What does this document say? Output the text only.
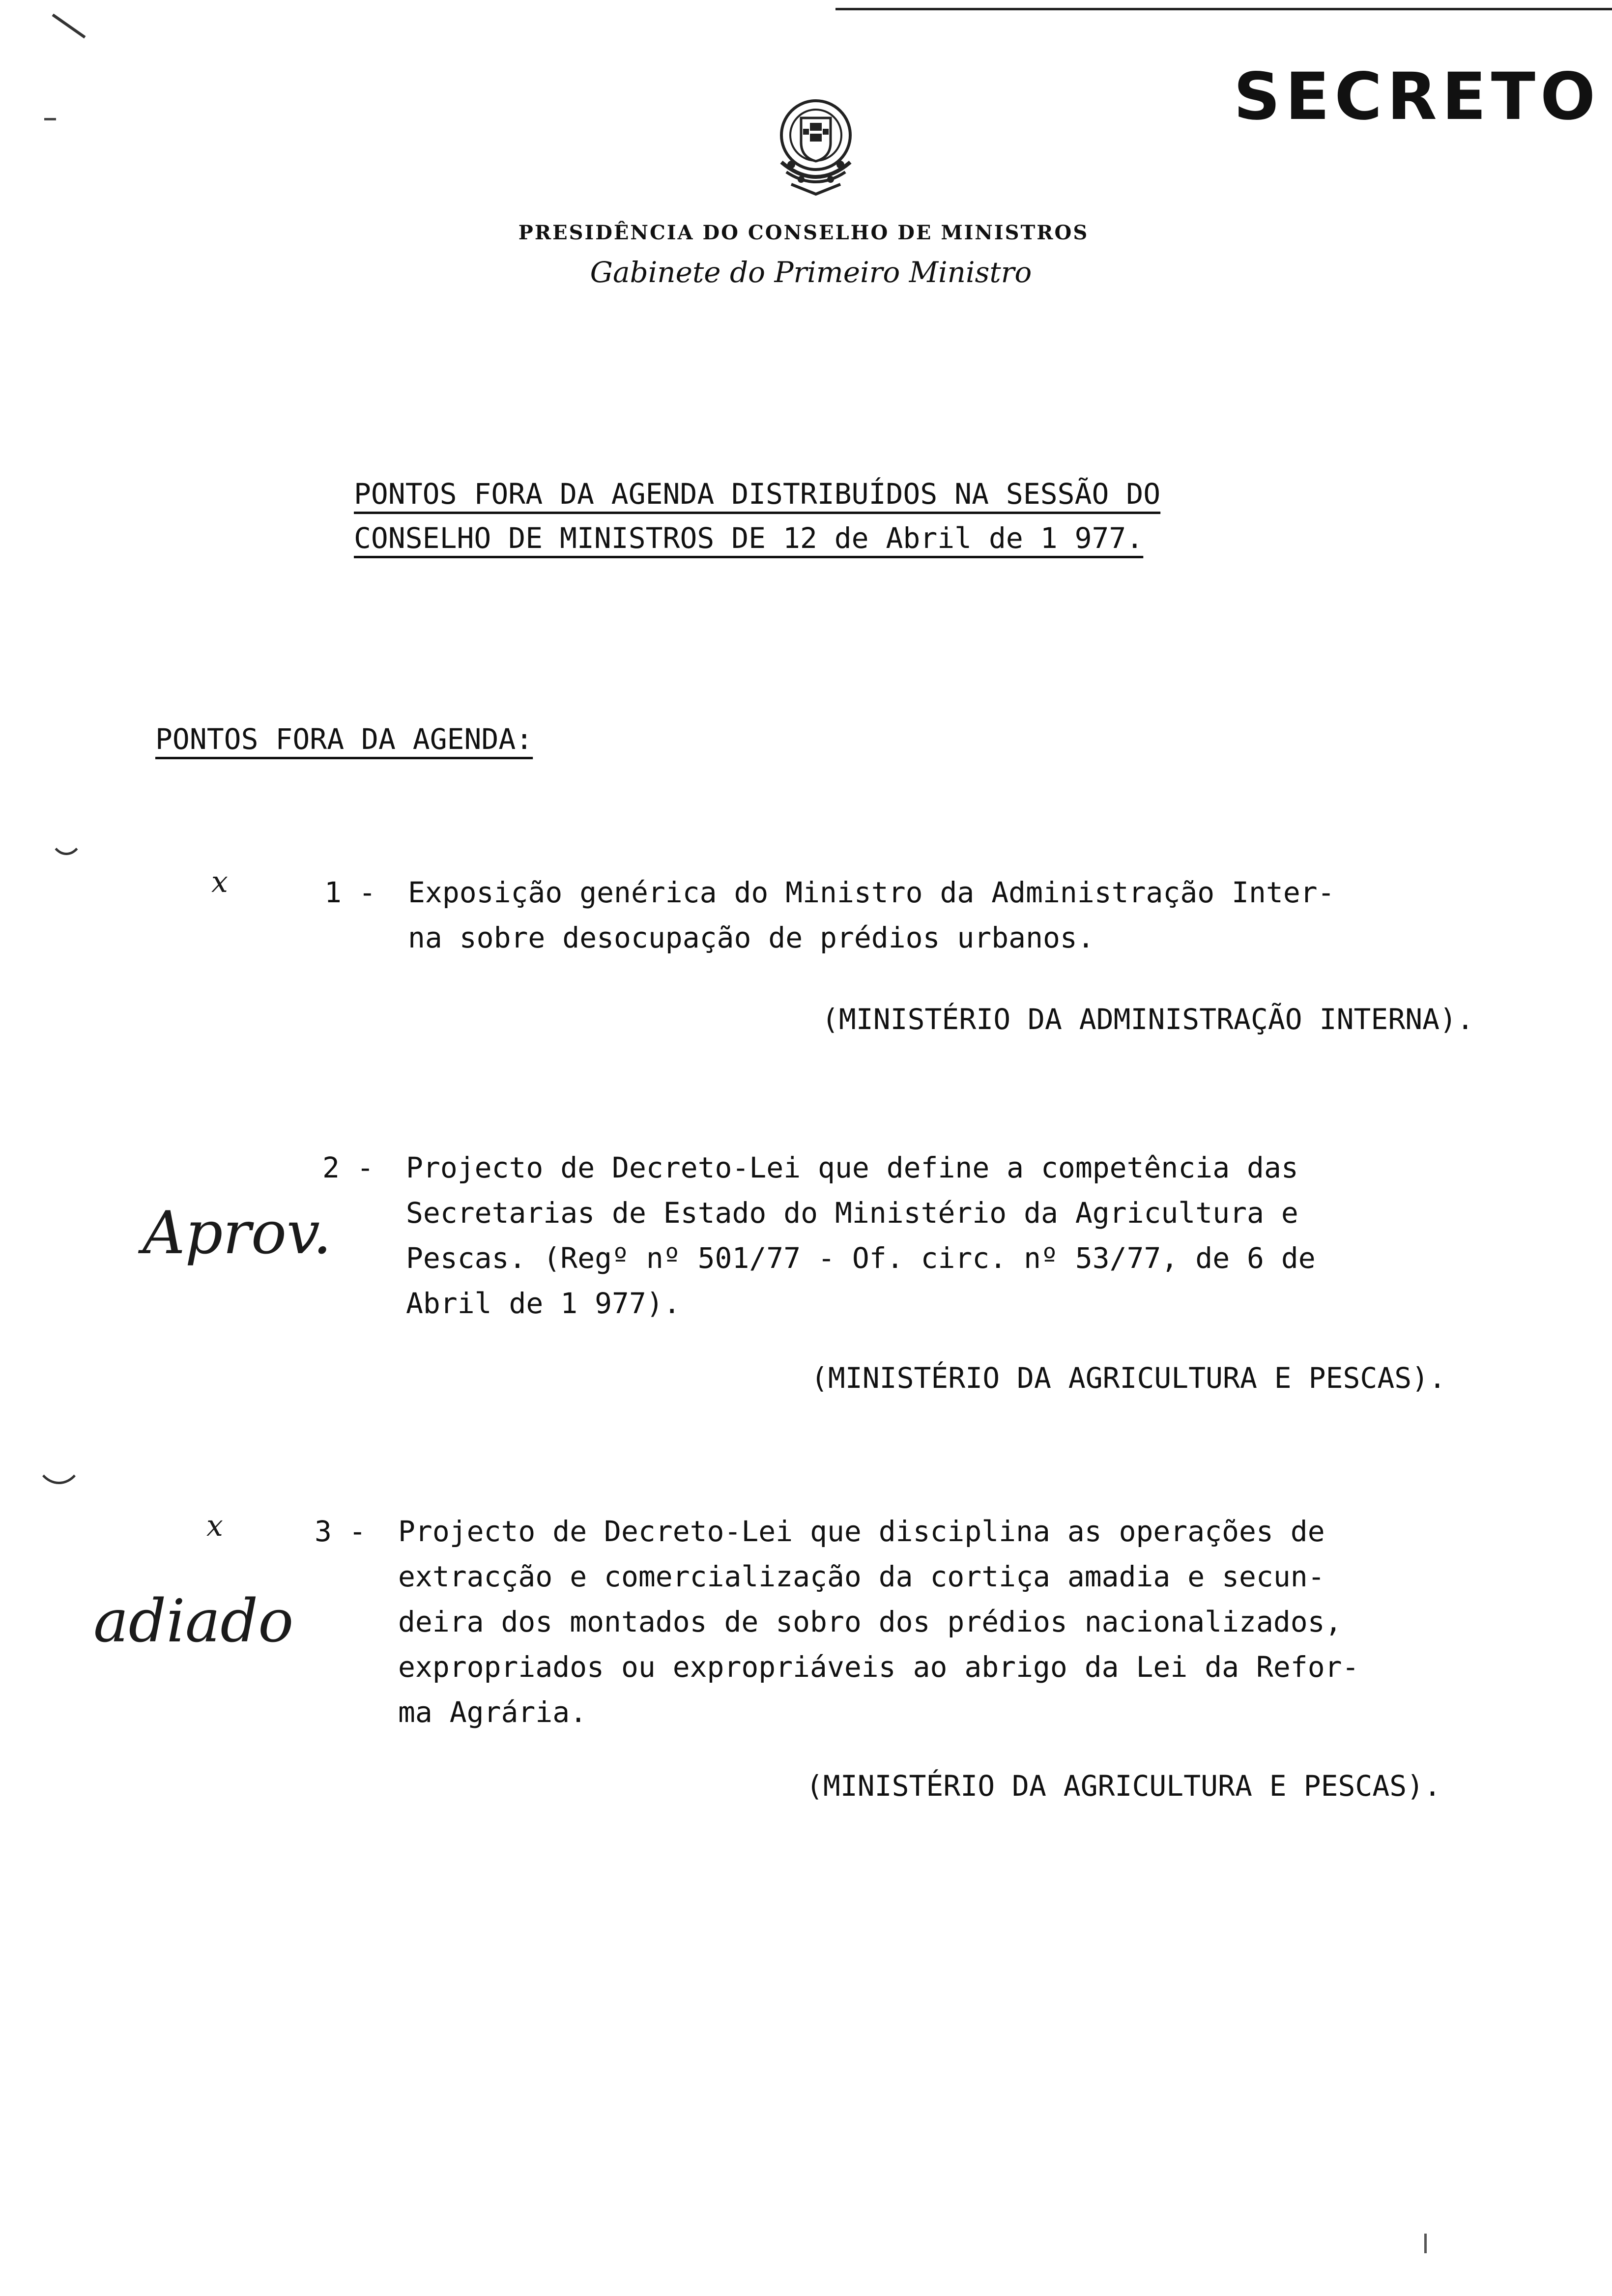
SECRETO
PRESIDÊNCIA DO CONSELHO DE MINISTROS
Gabinete do Primeiro Ministro
PONTOS FORA DA AGENDA DISTRIBUÍDOS NA SESSÃO DO
CONSELHO DE MINISTROS DE 12 de Abril de 1 977.
PONTOS FORA DA AGENDA:
x	1 - Exposição genérica do Ministro da Administração Inter-
na sobre desocupação de prédios urbanos.
(MINISTÉRIO DA ADMINISTRAÇÃO INTERNA).
Aprov.
2 - Projecto de Decreto-Lei que define a competência das
Secretarias de Estado do Ministério da Agricultura e
Pescas. (Regº nº 501/77 - Of. circ. nº 53/77, de 6 de
Abril de 1 977).
(MINISTÉRIO DA AGRICULTURA E PESCAS).
x
adiado
3 - Projecto de Decreto-Lei que disciplina as operações de
extracção e comercialização da cortiça amadia e secun-
deira dos montados de sobro dos prédios nacionalizados,
expropriados ou expropriáveis ao abrigo da Lei da Refor-
ma Agrária.
(MINISTÉRIO DA AGRICULTURA E PESCAS).
